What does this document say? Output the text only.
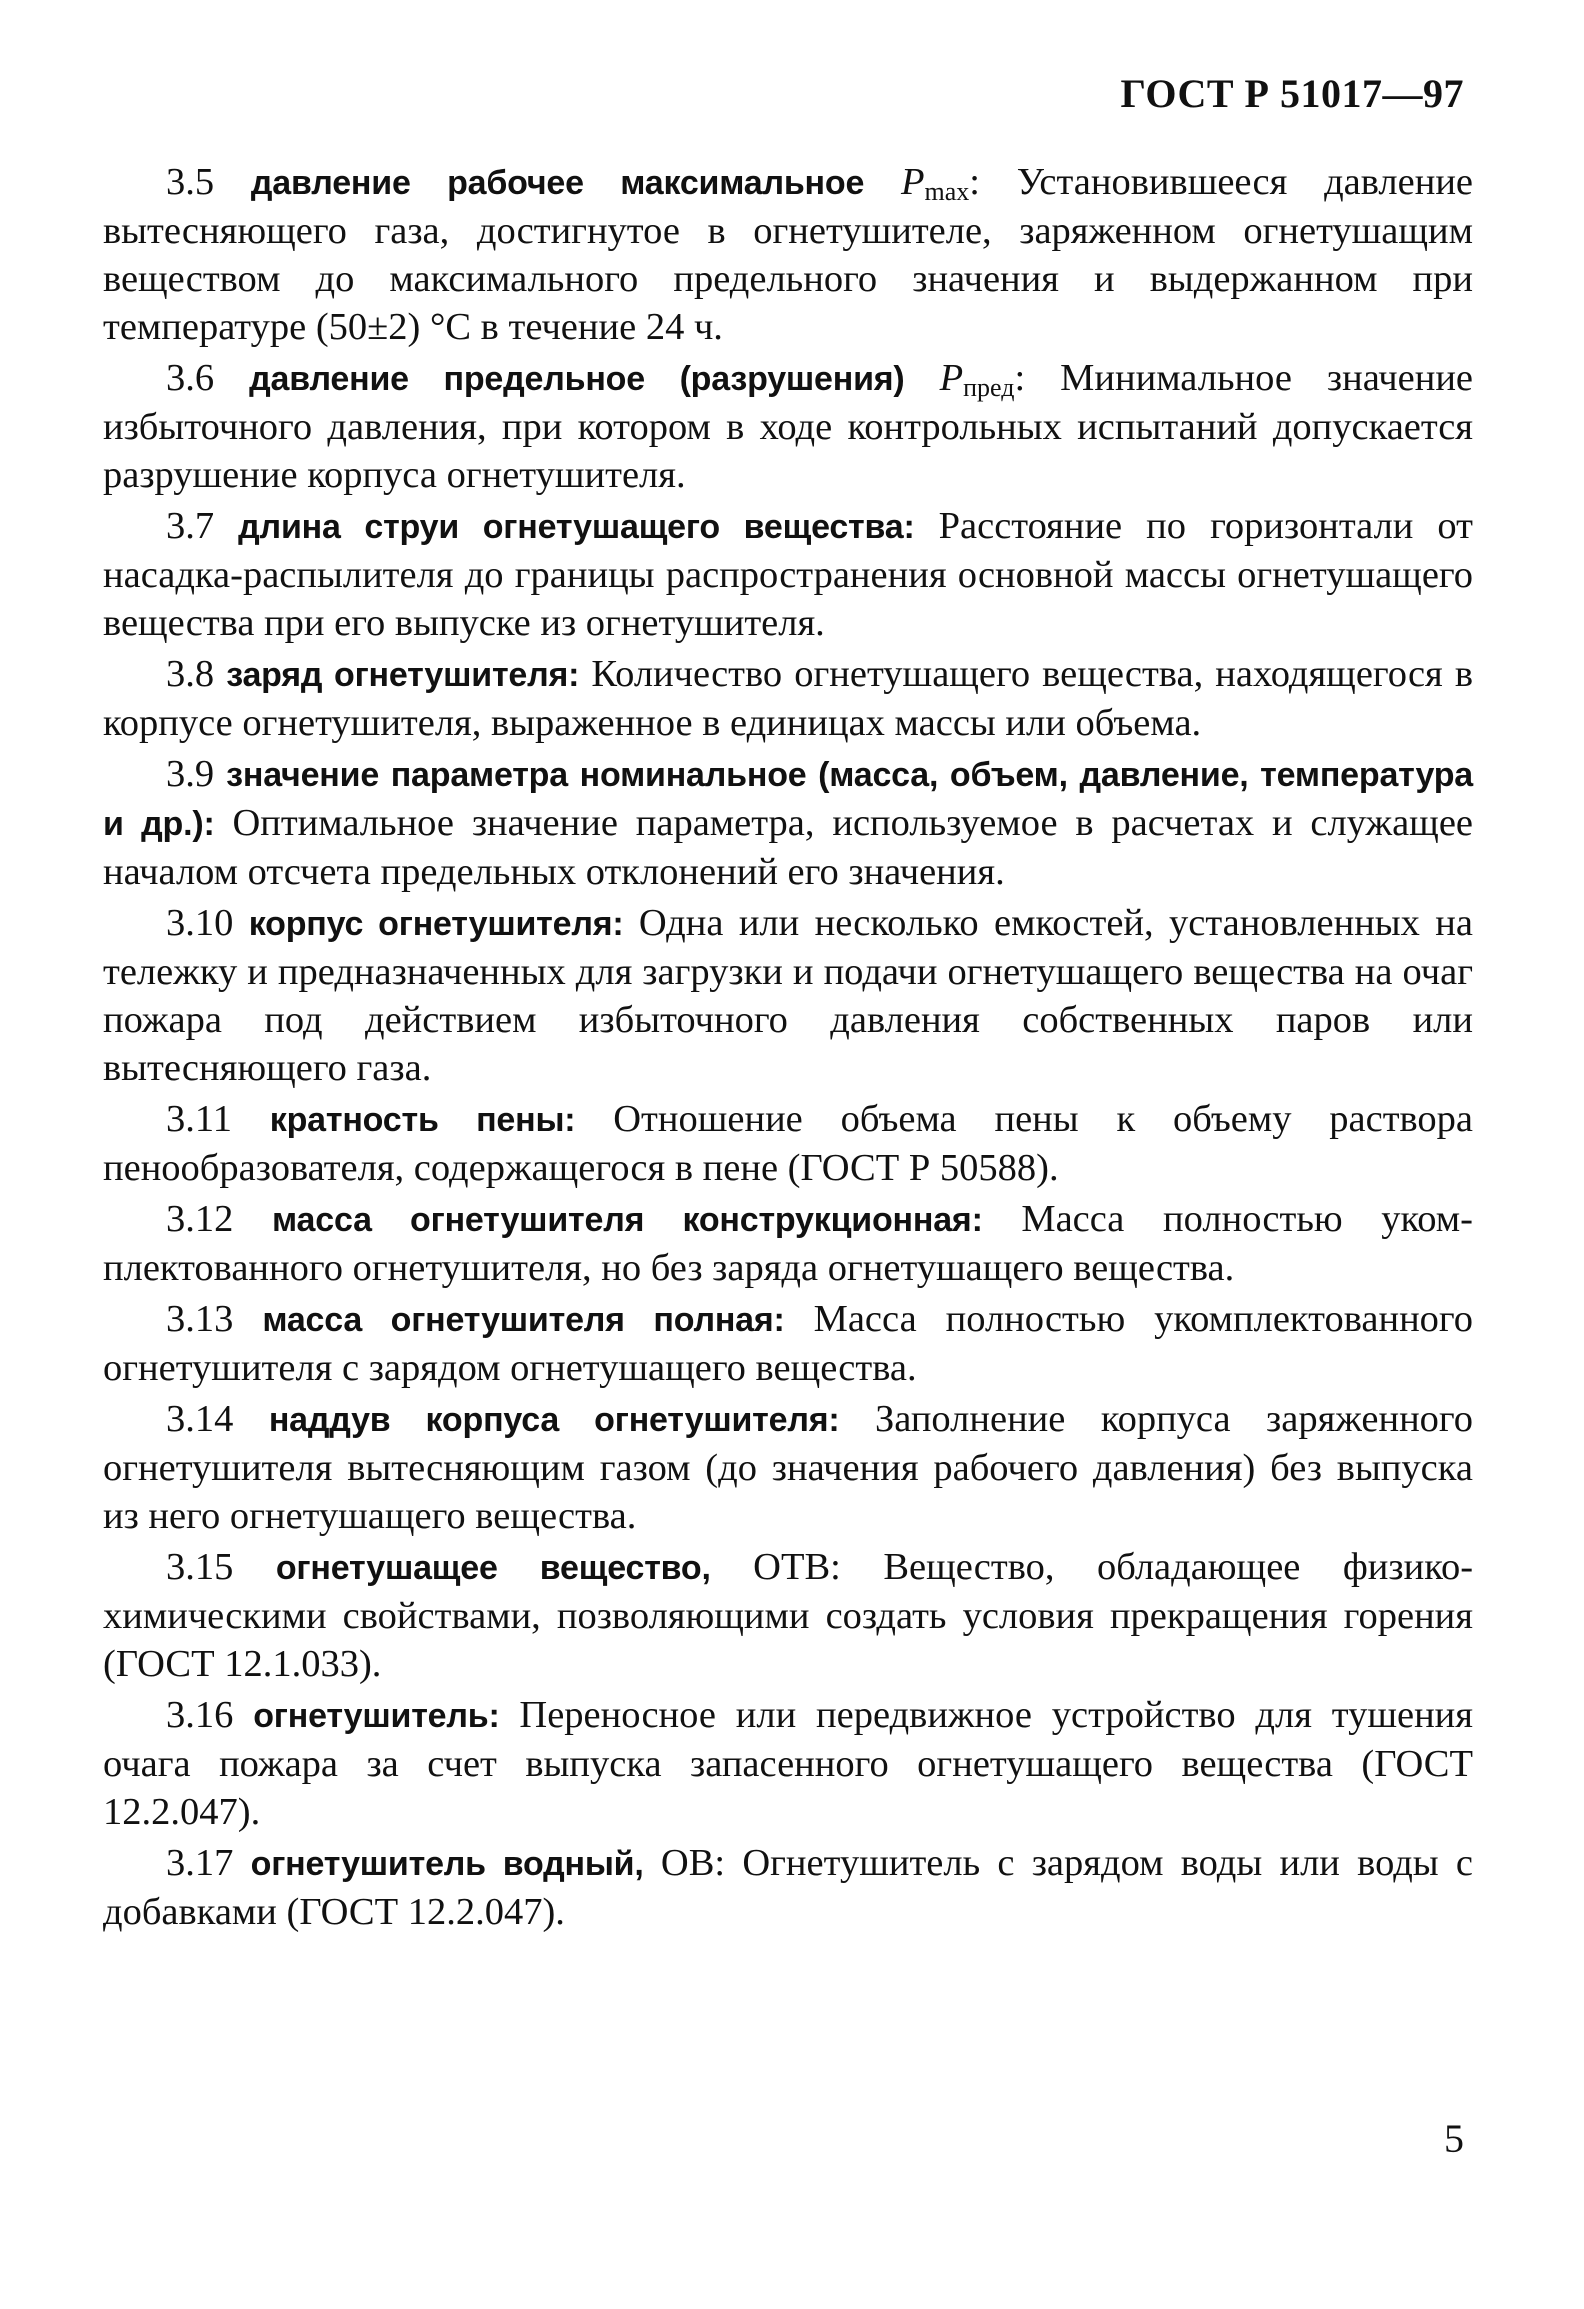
ГОСТ Р 51017—97

3.5 давление рабочее максимальное $P_{max}$: Установившееся давление вытесняющего газа, достигнутое в огнетушителе, заряженном огнетушащим веществом до максимального предельного значения и выдержанном при температуре (50±2) °С в течение 24 ч.

3.6 давление предельное (разрушения) $P_{пред}$: Минимальное значение избыточного давления, при котором в ходе контрольных испытаний допускается разрушение корпуса огнетушителя.

3.7 длина струи огнетушащего вещества: Расстояние по горизонтали от насадка-распылителя до границы распространения основной массы огнетушащего вещества при его выпуске из огнетушителя.

3.8 заряд огнетушителя: Количество огнетушащего вещества, находящегося в корпусе огнетушителя, выраженное в единицах массы или объема.

3.9 значение параметра номинальное (масса, объем, давление, температура и др.): Оптимальное значение параметра, используемое в расчетах и служащее началом отсчета предельных отклонений его значения.

3.10 корпус огнетушителя: Одна или несколько емкостей, установленных на тележку и предназначенных для загрузки и подачи огнетушащего вещества на очаг пожара под действием избыточного давления собственных паров или вытесняющего газа.

3.11 кратность пены: Отношение объема пены к объему раствора пенообразователя, содержащегося в пене (ГОСТ Р 50588).

3.12 масса огнетушителя конструкционная: Масса полностью укомплектованного огнетушителя, но без заряда огнетушащего вещества.

3.13 масса огнетушителя полная: Масса полностью укомплектованного огнетушителя с зарядом огнетушащего вещества.

3.14 наддув корпуса огнетушителя: Заполнение корпуса заряженного огнетушителя вытесняющим газом (до значения рабочего давления) без выпуска из него огнетушащего вещества.

3.15 огнетушащее вещество, ОТВ: Вещество, обладающее физико-химическими свойствами, позволяющими создать условия прекращения горения (ГОСТ 12.1.033).

3.16 огнетушитель: Переносное или передвижное устройство для тушения очага пожара за счет выпуска запасенного огнетушащего вещества (ГОСТ 12.2.047).

3.17 огнетушитель водный, ОВ: Огнетушитель с зарядом воды или воды с добавками (ГОСТ 12.2.047).

5
